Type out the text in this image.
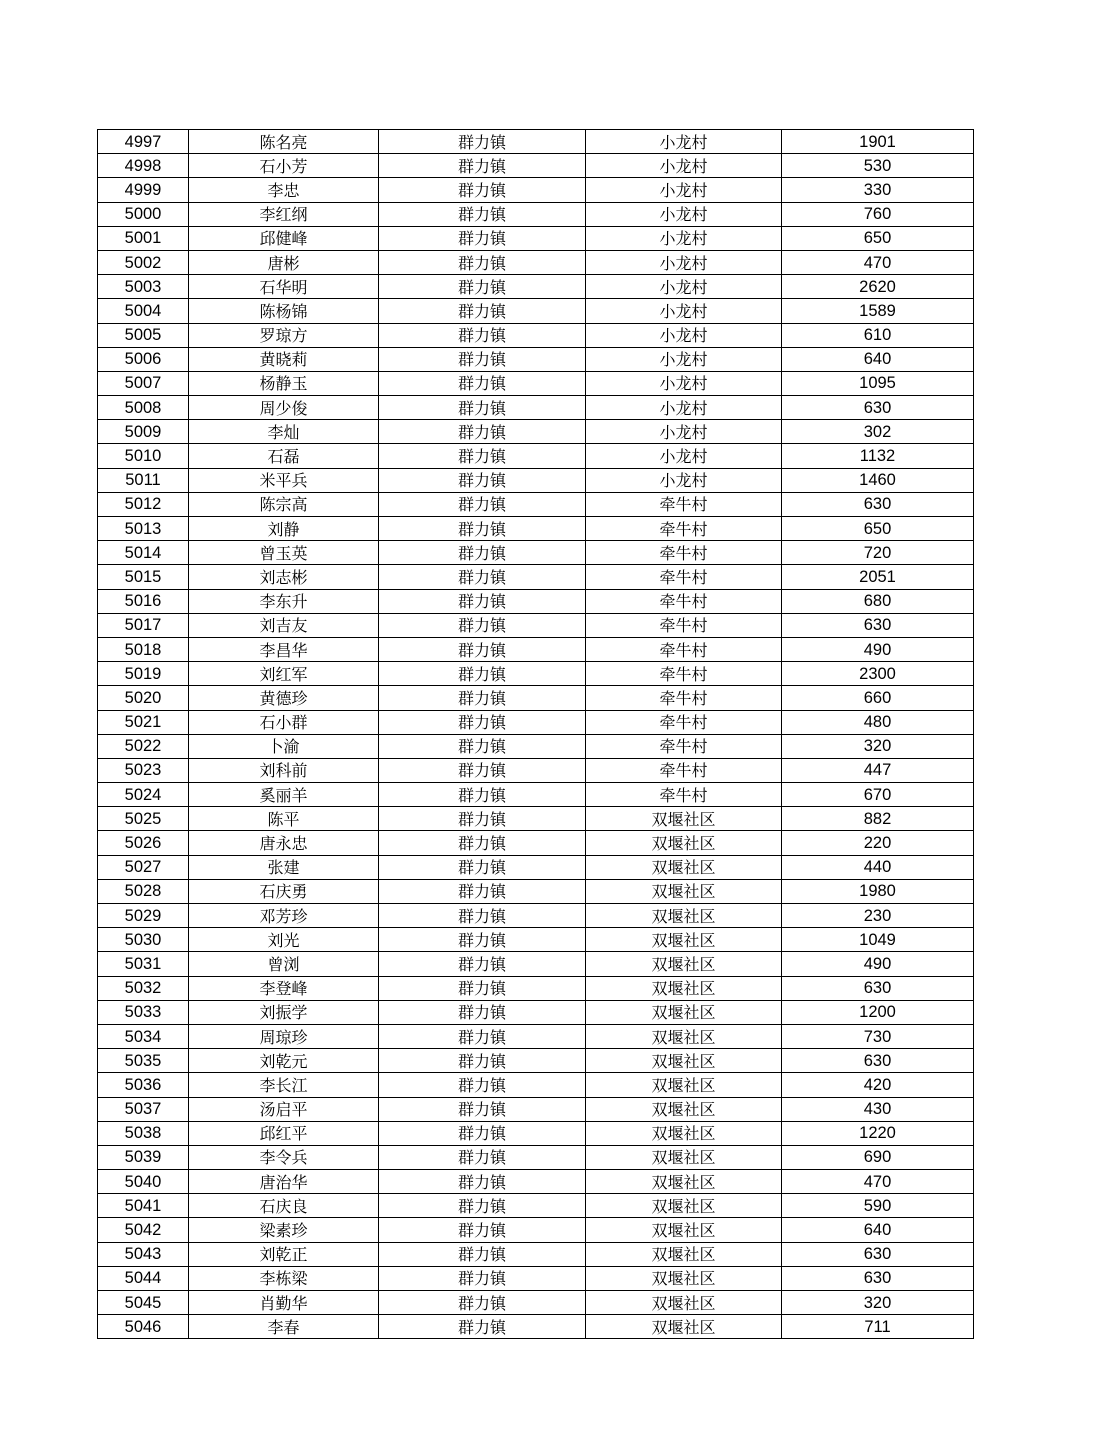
4997	陈名亮	群力镇	小龙村	1901
4998	石小芳	群力镇	小龙村	530
4999	李忠	群力镇	小龙村	330
5000	李红纲	群力镇	小龙村	760
5001	邱健峰	群力镇	小龙村	650
5002	唐彬	群力镇	小龙村	470
5003	石华明	群力镇	小龙村	2620
5004	陈杨锦	群力镇	小龙村	1589
5005	罗琼方	群力镇	小龙村	610
5006	黄晓莉	群力镇	小龙村	640
5007	杨静玉	群力镇	小龙村	1095
5008	周少俊	群力镇	小龙村	630
5009	李灿	群力镇	小龙村	302
5010	石磊	群力镇	小龙村	1132
5011	米平兵	群力镇	小龙村	1460
5012	陈宗高	群力镇	牵牛村	630
5013	刘静	群力镇	牵牛村	650
5014	曾玉英	群力镇	牵牛村	720
5015	刘志彬	群力镇	牵牛村	2051
5016	李东升	群力镇	牵牛村	680
5017	刘吉友	群力镇	牵牛村	630
5018	李昌华	群力镇	牵牛村	490
5019	刘红军	群力镇	牵牛村	2300
5020	黄德珍	群力镇	牵牛村	660
5021	石小群	群力镇	牵牛村	480
5022	卜渝	群力镇	牵牛村	320
5023	刘科前	群力镇	牵牛村	447
5024	奚丽羊	群力镇	牵牛村	670
5025	陈平	群力镇	双堰社区	882
5026	唐永忠	群力镇	双堰社区	220
5027	张建	群力镇	双堰社区	440
5028	石庆勇	群力镇	双堰社区	1980
5029	邓芳珍	群力镇	双堰社区	230
5030	刘光	群力镇	双堰社区	1049
5031	曾浏	群力镇	双堰社区	490
5032	李登峰	群力镇	双堰社区	630
5033	刘振学	群力镇	双堰社区	1200
5034	周琼珍	群力镇	双堰社区	730
5035	刘乾元	群力镇	双堰社区	630
5036	李长江	群力镇	双堰社区	420
5037	汤启平	群力镇	双堰社区	430
5038	邱红平	群力镇	双堰社区	1220
5039	李令兵	群力镇	双堰社区	690
5040	唐治华	群力镇	双堰社区	470
5041	石庆良	群力镇	双堰社区	590
5042	梁素珍	群力镇	双堰社区	640
5043	刘乾正	群力镇	双堰社区	630
5044	李栋梁	群力镇	双堰社区	630
5045	肖勤华	群力镇	双堰社区	320
5046	李春	群力镇	双堰社区	711
